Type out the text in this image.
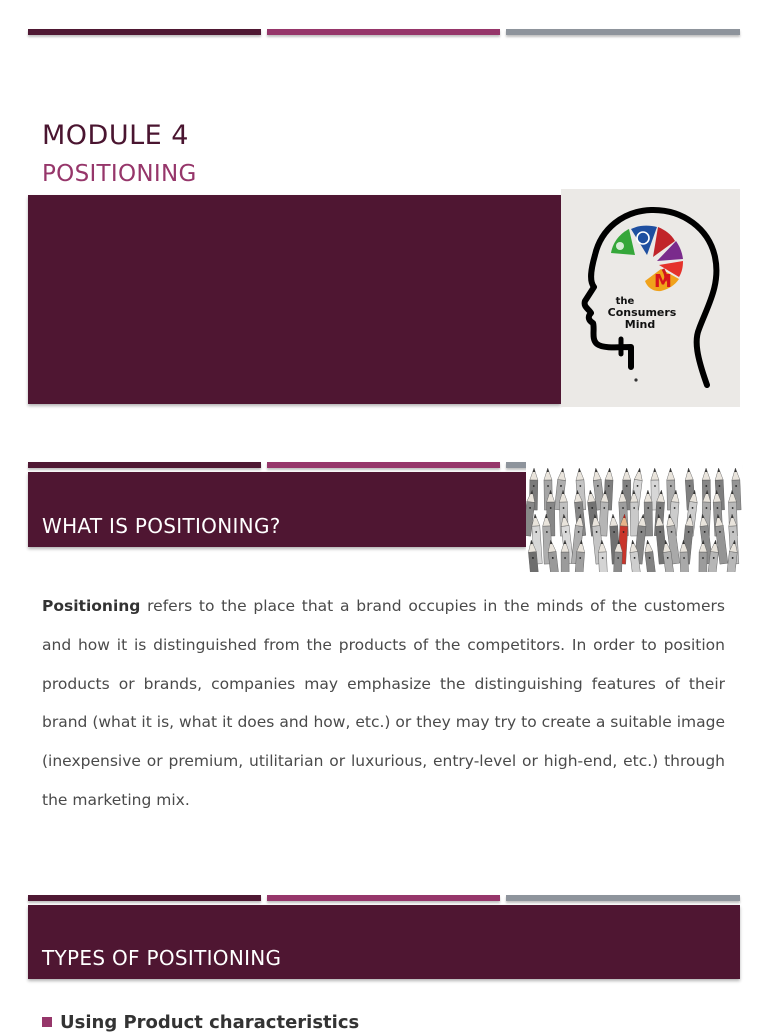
MODULE 4
POSITIONING
M
the
Consumers
Mind
WHAT IS POSITIONING?
Positioning refers to the place that a brand occupies in the minds of the customers and how it is distinguished from the products of the competitors. In order to position products or brands, companies may emphasize the distinguishing features of their brand (what it is, what it does and how, etc.) or they may try to create a suitable image (inexpensive or premium, utilitarian or luxurious, entry-level or high-end, etc.) through the marketing mix.
TYPES OF POSITIONING
Using Product characteristics
